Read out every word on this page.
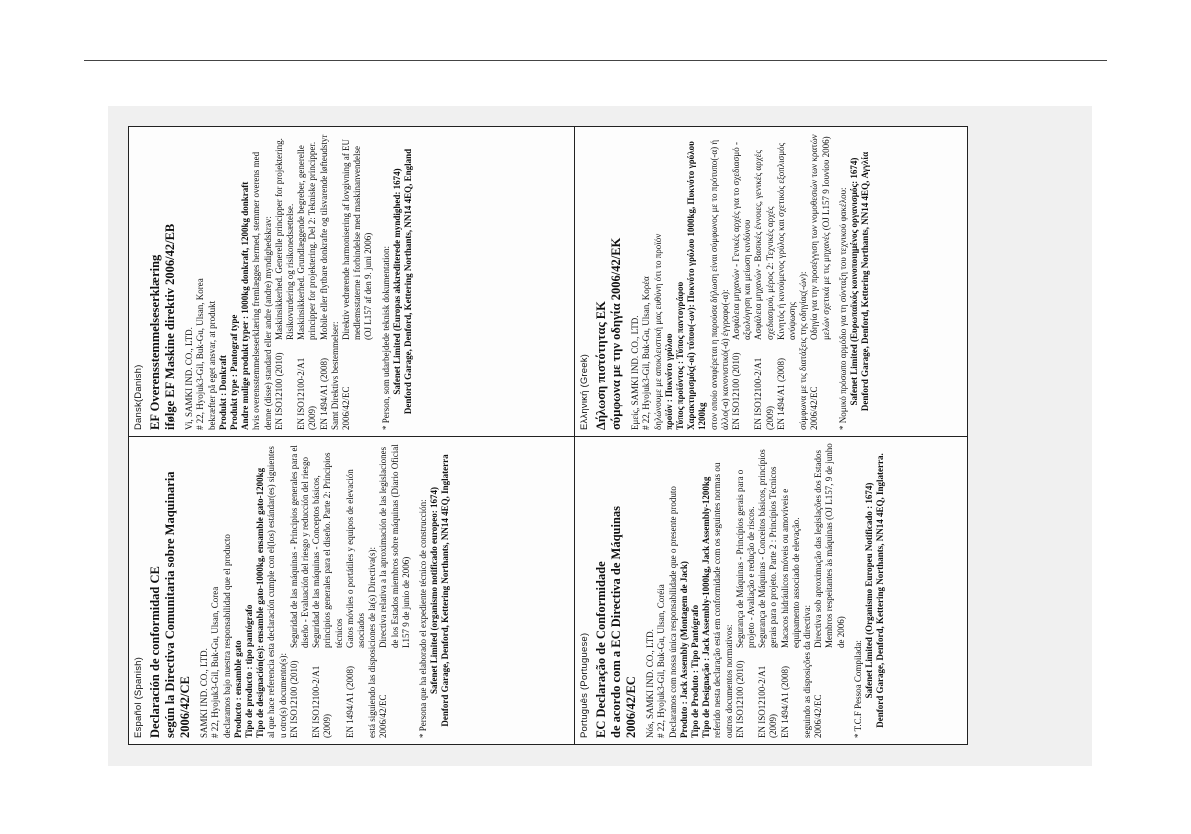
Dansk(Danish) EF Overensstemmelseserklæring ifølge EF Maskine direktiv 2006/42/EB Vi, SAMKI IND. CO., LTD. # 22, Hyojuk3-Gil, Buk-Gu, Ulsan, Korea bekræfter på eget ansvar, at produkt Produkt : Donkraft Produkt type : Pantograf type Andre mulige produkt typer : 1000kg donkraft, 1200kg donkraft hvis overensstemmelseserklæring fremlægges hermed, stemmer overens med denne (disse) standard eller andre (andre) myndighedskrav: EN ISO12100 (2010)
Maskinsikkerhed. Generelle principper for projektering. Risikovurdering og risikonedsættelse.
EN ISO12100-2/A1 (2009)
Maskinsikkerhed. Grundlæggende begreber, generelle principper for projektering. Del 2: Tekniske principper.
EN 1494/A1 (2008)
Mobile eller flytbare donkrafte og tilsvarende løfteudstyr
Samt Direktivs bestemmelser: 2006/42/EC
Direktiv vedrørende harmonisering af lovgivning af EU medlemsstaterne i forbindelse med maskinanvendelse (OJ L157 af den 9. juni 2006) * Person, som udarbejdede teknisk dokumentation: Safenet Limited (Europas akkrediterede myndighed: 1674) Denford Garage, Denford, Kettering Northants, NN14 4EQ, England	Ελληνική (Greek) Δήλωση πιστότητας ΕΚ σύμφωνα με την οδηγία 2006/42/ΕΚ Εμείς, SAMKI IND. CO., LTD. # 22, Hyojuk3-Gil, Buk-Gu, Ulsan, Κορέα δηλώνουμε με αποκλειστική μας ευθύνη ότι το προϊόν προϊόν : Πυκνότο γρύλου Τύπος προϊόντος : Τύπος παντογράφου Χαρακτηρισμός(-οί) τύπου(-ων): Πυκνότο γρύλου 1000kg, Πυκνότο γρύλου 1200kg στον οποίο αναφέρεται η παρούσα δήλωση είναι σύμφωνος με το πρότυπο(-α) ή άλλο(-α) κανονιστικό(-ά) έγγραφο(-α): EN ISO12100 (2010)
Ασφάλεια μηχανών - Γενικές αρχές για το σχεδιασμό - αξιολόγηση και μείωση κινδύνου
EN ISO12100-2/A1 (2009)
Ασφάλεια μηχανών - Βασικές έννοιες, γενικές αρχές σχεδιασμού, μέρος 2: Τεχνικές αρχές
EN 1494/A1 (2008)
Κινητός ή κινούμενος γρύλος και σχετικός εξοπλισμός ανύψωσης σύμφωνα με τις διατάξεις της οδηγίας(-ών): 2006/42/EC
Οδηγία για την προσέγγιση των νομοθεσιών των κρατών μελών σχετικά με τις μηχανές (OJ L157 9 Ιουνίου 2006) * Νομικό πρόσωπο αρμόδιο για τη σύνταξη του τεχνικού φακέλου: Safenet Limited (Ευρωπαϊκός κοινοποιημένος οργανισμός: 1674) Denford Garage, Denford, Kettering Northants, NN14 4EQ, Αγγλία
Español (Spanish) Declaración de conformidad CE según la Directiva Comunitaria sobre Maquinaria 2006/42/CE SAMKI IND. CO., LTD. # 22, Hyojuk3-Gil, Buk-Gu, Ulsan, Corea declaramos bajo nuestra responsabilidad que el producto Producto : ensamble gato Tipo de producto : tipo pantógrafo Tipo de designación(es): ensamble gato-1000kg, ensamble gato-1200kg al que hace referencia esta declaración cumple con el(los) estándar(es) siguientes u otro(s) documento(s): EN ISO12100 (2010)
Seguridad de las máquinas - Principios generales para el diseño - Evaluación del riesgo y reducción del riesgo
EN ISO12100-2/A1 (2009)
Seguridad de las máquinas - Conceptos básicos, principios generales para el diseño. Parte 2: Principios técnicos
EN 1494/A1 (2008)
Gatos móviles o portátiles y equipos de elevación asociados está siguiendo las disposiciones de la(s) Directiva(s): 2006/42/EC
Directiva relativa a la aproximación de las legislaciones de los Estados miembros sobre máquinas (Diario Oficial L157 9 de junio de 2006) * Persona que ha elaborado el expediente técnico de construcción: Safenet Limited (organismo notificado europeo: 1674) Denford Garage, Denford, Kettering Northants, NN14 4EQ, Inglaterra	Português (Portuguese) EC Declaração de Conformidade de acordo com a EC Directiva de Máquinas 2006/42/EC Nós, SAMKI IND. CO., LTD. # 22, Hyojuk3-Gil, Buk-Gu, Ulsan, Coréia Declaramos com nossa única responsabilidade que o presente produto Produto : Jack Assembly (Montagem de Jack) Tipo de Produto : Tipo Pantógrafo Tipo de Designação : Jack Assembly-1000kg, Jack Assembly-1200kg referido nesta declaração está em conformidade com os seguintes normas ou outros documentos normativos: EN ISO12100 (2010)
Segurança de Máquinas - Princípios gerais para o projeto - Avaliação e redução de riscos.
EN ISO12100-2/A1 (2009)
Segurança de Máquinas - Conceitos básicos, princípios gerais para o projeto. Parte 2 : Princípios Técnicos
EN 1494/A1 (2008)
Macacos hidráulicos móveis ou amovíveis e equipamento associado de elevação.
seguindo as disposições da directiva: 2006/42/EC
Directiva sob aproximação das legislações dos Estados Membros respeitantes às máquinas (OJ L157, 9 de junho de 2006)
* T.C.F Pessoa Compilada: Safenet Limited (Organismo Europeu Notificado : 1674) Denford Garage, Denford, Kettering Northants, NN14 4EQ, Inglaterra.
